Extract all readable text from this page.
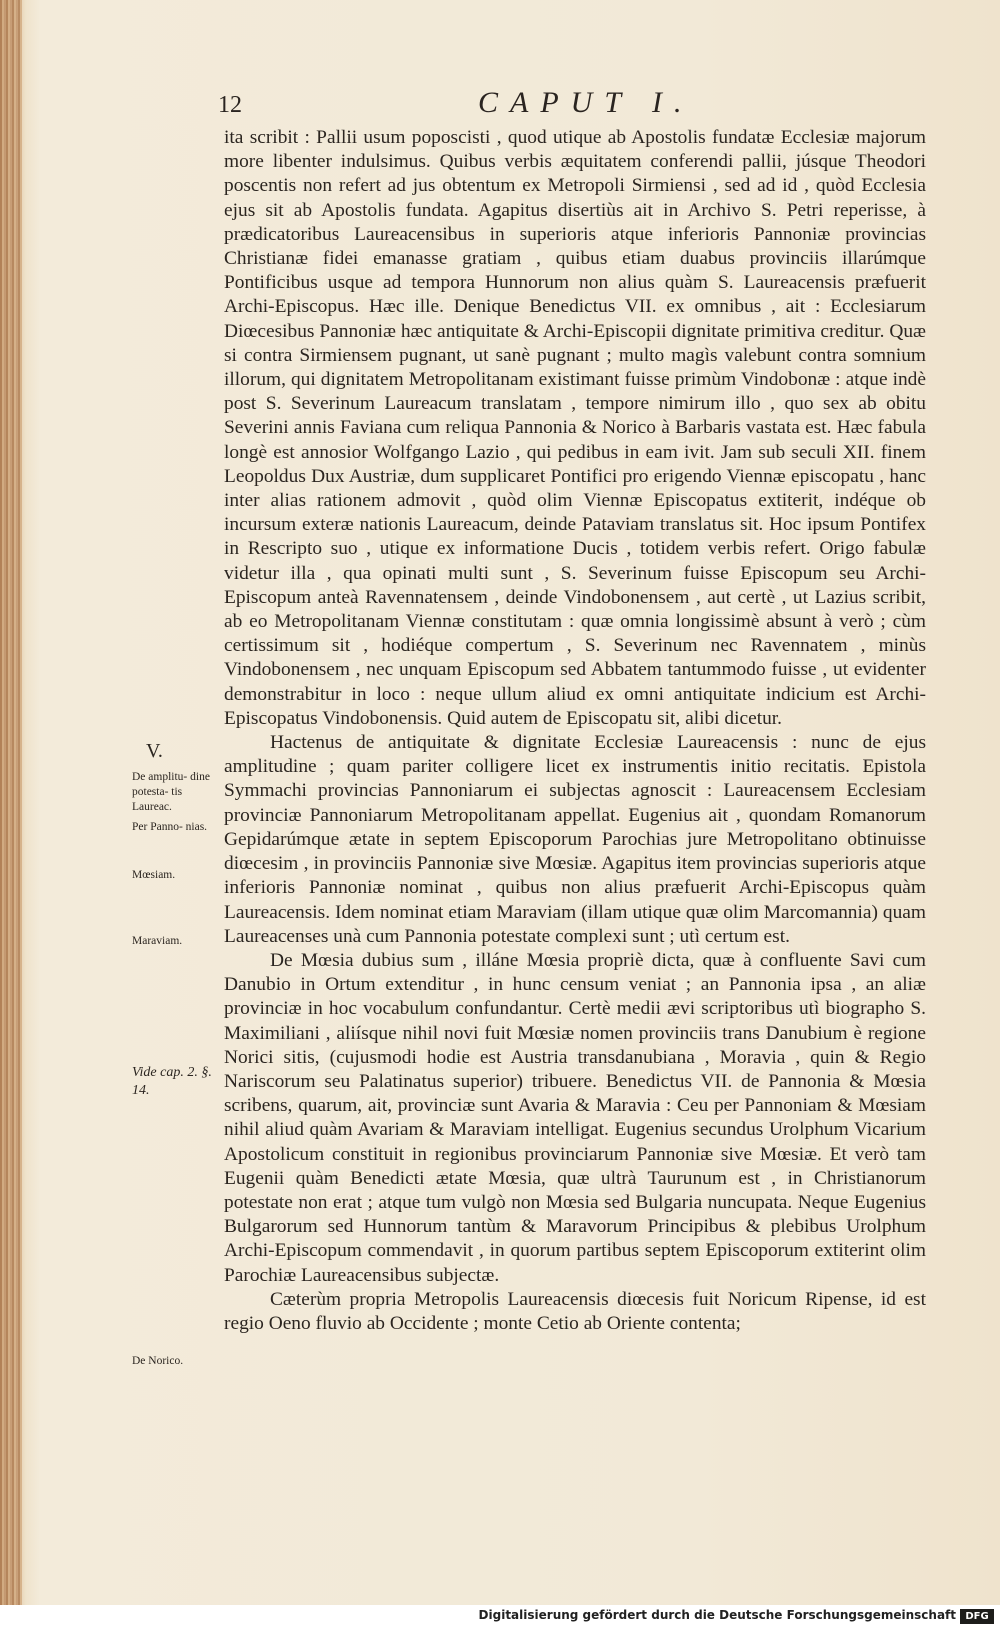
12	CAPUT I.
V.
De amplitu- dine potesta- tis Laureac.
Per Panno- nias.
Mœsiam.
Maraviam.
Vide cap. 2. §. 14.
De Norico.

ita scribit : Pallii usum poposcisti , quod utique ab Apostolis fundatæ Ecclesiæ majorum more libenter indulsimus. Quibus verbis æquitatem conferendi pallii, júsque Theodori poscentis non refert ad jus obtentum ex Metropoli Sirmiensi , sed ad id , quòd Ecclesia ejus sit ab Apostolis fundata. Agapitus disertiùs ait in Archivo S. Petri reperisse, à prædicatoribus Laureacensibus in superioris atque inferioris Pannoniæ provincias Christianæ fidei emanasse gratiam , quibus etiam duabus provinciis illarúmque Pontificibus usque ad tempora Hunnorum non alius quàm S. Laureacensis præfuerit Archi-Episcopus. Hæc ille. Denique Benedictus VII. ex omnibus , ait : Ecclesiarum Diœcesibus Pannoniæ hæc antiquitate & Archi-Episcopii dignitate primitiva creditur. Quæ si contra Sirmiensem pugnant, ut sanè pugnant ; multo magìs valebunt contra somnium illorum, qui dignitatem Metropolitanam existimant fuisse primùm Vindobonæ : atque indè post S. Severinum Laureacum translatam , tempore nimirum illo , quo sex ab obitu Severini annis Faviana cum reliqua Pannonia & Norico à Barbaris vastata est. Hæc fabula longè est annosior Wolfgango Lazio , qui pedibus in eam ivit. Jam sub seculi XII. finem Leopoldus Dux Austriæ, dum supplicaret Pontifici pro erigendo Viennæ episcopatu , hanc inter alias rationem admovit , quòd olim Viennæ Episcopatus extiterit, indéque ob incursum exteræ nationis Laureacum, deinde Pataviam translatus sit. Hoc ipsum Pontifex in Rescripto suo , utique ex informatione Ducis , totidem verbis refert. Origo fabulæ videtur illa , qua opinati multi sunt , S. Severinum fuisse Episcopum seu Archi-Episcopum anteà Ravennatensem , deinde Vindobonensem , aut certè , ut Lazius scribit, ab eo Metropolitanam Viennæ constitutam : quæ omnia longissimè absunt à verò ; cùm certissimum sit , hodiéque compertum , S. Severinum nec Ravennatem , minùs Vindobonensem , nec unquam Episcopum sed Abbatem tantummodo fuisse , ut evidenter demonstrabitur in loco : neque ullum aliud ex omni antiquitate indicium est Archi-Episcopatus Vindobonensis. Quid autem de Episcopatu sit, alibi dicetur.

Hactenus de antiquitate & dignitate Ecclesiæ Laureacensis : nunc de ejus amplitudine ; quam pariter colligere licet ex instrumentis initio recitatis. Epistola Symmachi provincias Pannoniarum ei subjectas agnoscit : Laureacensem Ecclesiam provinciæ Pannoniarum Metropolitanam appellat. Eugenius ait , quondam Romanorum Gepidarúmque ætate in septem Episcoporum Parochias jure Metropolitano obtinuisse diœcesim , in provinciis Pannoniæ sive Mœsiæ. Agapitus item provincias superioris atque inferioris Pannoniæ nominat , quibus non alius præfuerit Archi-Episcopus quàm Laureacensis. Idem nominat etiam Maraviam (illam utique quæ olim Marcomannia) quam Laureacenses unà cum Pannonia potestate complexi sunt ; utì certum est.

De Mœsia dubius sum , illáne Mœsia propriè dicta, quæ à confluente Savi cum Danubio in Ortum extenditur , in hunc censum veniat ; an Pannonia ipsa , an aliæ provinciæ in hoc vocabulum confundantur. Certè medii ævi scriptoribus utì biographo S. Maximiliani , aliísque nihil novi fuit Mœsiæ nomen provinciis trans Danubium è regione Norici sitis, (cujusmodi hodie est Austria transdanubiana , Moravia , quin & Regio Nariscorum seu Palatinatus superior) tribuere. Benedictus VII. de Pannonia & Mœsia scribens, quarum, ait, provinciæ sunt Avaria & Maravia : Ceu per Pannoniam & Mœsiam nihil aliud quàm Avariam & Maraviam intelligat. Eugenius secundus Urolphum Vicarium Apostolicum constituit in regionibus provinciarum Pannoniæ sive Mœsiæ. Et verò tam Eugenii quàm Benedicti ætate Mœsia, quæ ultrà Taurunum est , in Christianorum potestate non erat ; atque tum vulgò non Mœsia sed Bulgaria nuncupata. Neque Eugenius Bulgarorum sed Hunnorum tantùm & Maravorum Principibus & plebibus Urolphum Archi-Episcopum commendavit , in quorum partibus septem Episcoporum extiterint olim Parochiæ Laureacensibus subjectæ.

Cæterùm propria Metropolis Laureacensis diœcesis fuit Noricum Ripense, id est regio Oeno fluvio ab Occidente ; monte Cetio ab Oriente contenta;

Digitalisierung gefördert durch die Deutsche Forschungsgemeinschaft DFG
